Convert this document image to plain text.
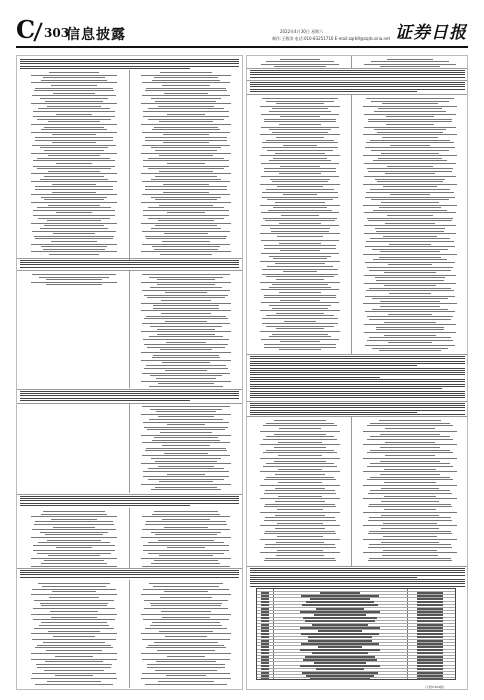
C 303
信息披露	2022年4月30日 星期六
制作:王敬涛 电话:010-83251716 E-mail:zqrb9@zqrb.sina.net 证券日报
(下转C304版)
